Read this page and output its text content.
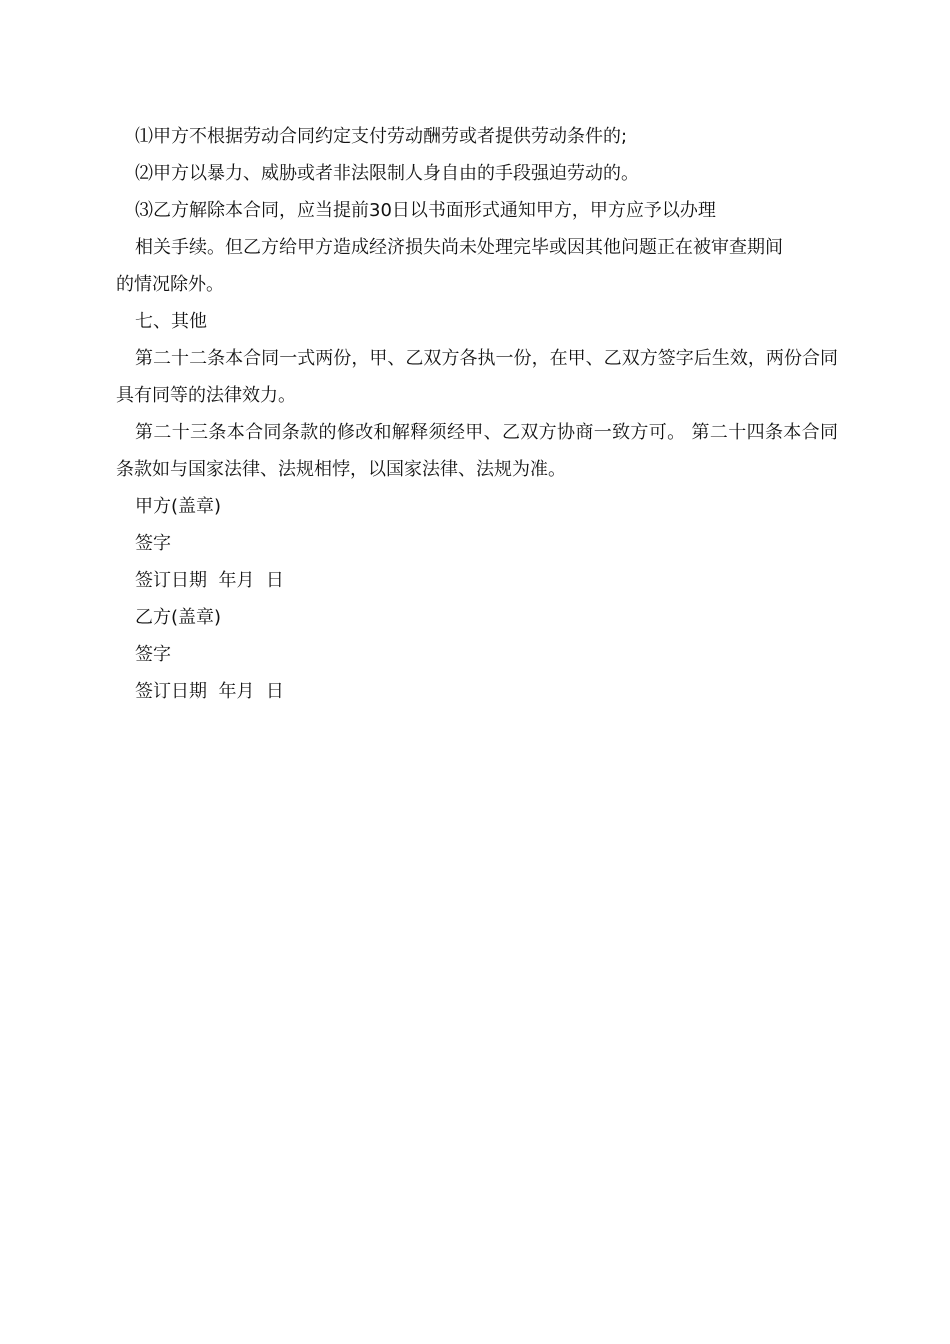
⑴甲方不根据劳动合同约定支付劳动酬劳或者提供劳动条件的;

⑵甲方以暴力、威胁或者非法限制人身自由的手段强迫劳动的。

⑶乙方解除本合同，应当提前30日以书面形式通知甲方，甲方应予以办理

相关手续。但乙方给甲方造成经济损失尚未处理完毕或因其他问题正在被审查期间

的情况除外。

七、其他

第二十二条本合同一式两份，甲、乙双方各执一份，在甲、乙双方签字后生效，两份合同具有同等的法律效力。

第二十三条本合同条款的修改和解释须经甲、乙双方协商一致方可。 第二十四条本合同条款如与国家法律、法规相悖，以国家法律、法规为准。

甲方(盖章)

签字

签订日期  年月  日

乙方(盖章)

签字

签订日期  年月  日
